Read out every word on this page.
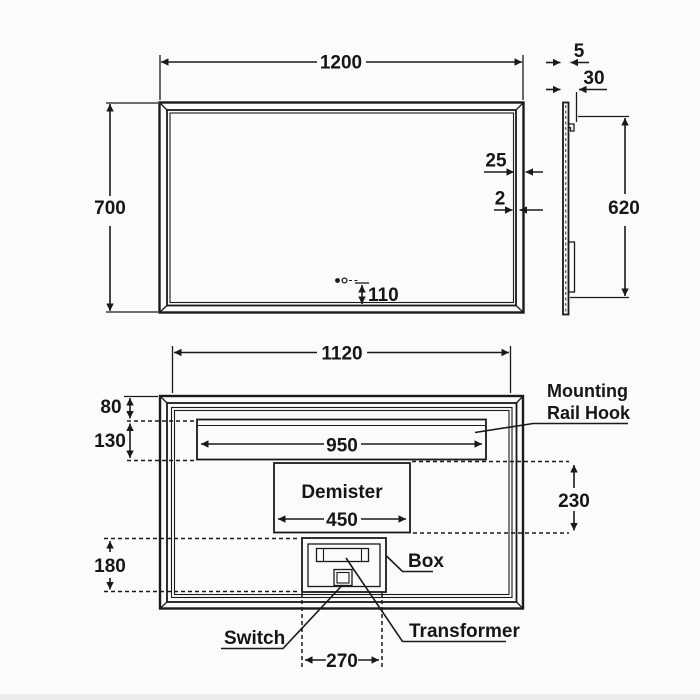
1200
700
25
2
110
5
30
620
1120
80
130	950
Mounting
Rail Hook
Demister
450
230
180
270
Box
Switch	Transformer
